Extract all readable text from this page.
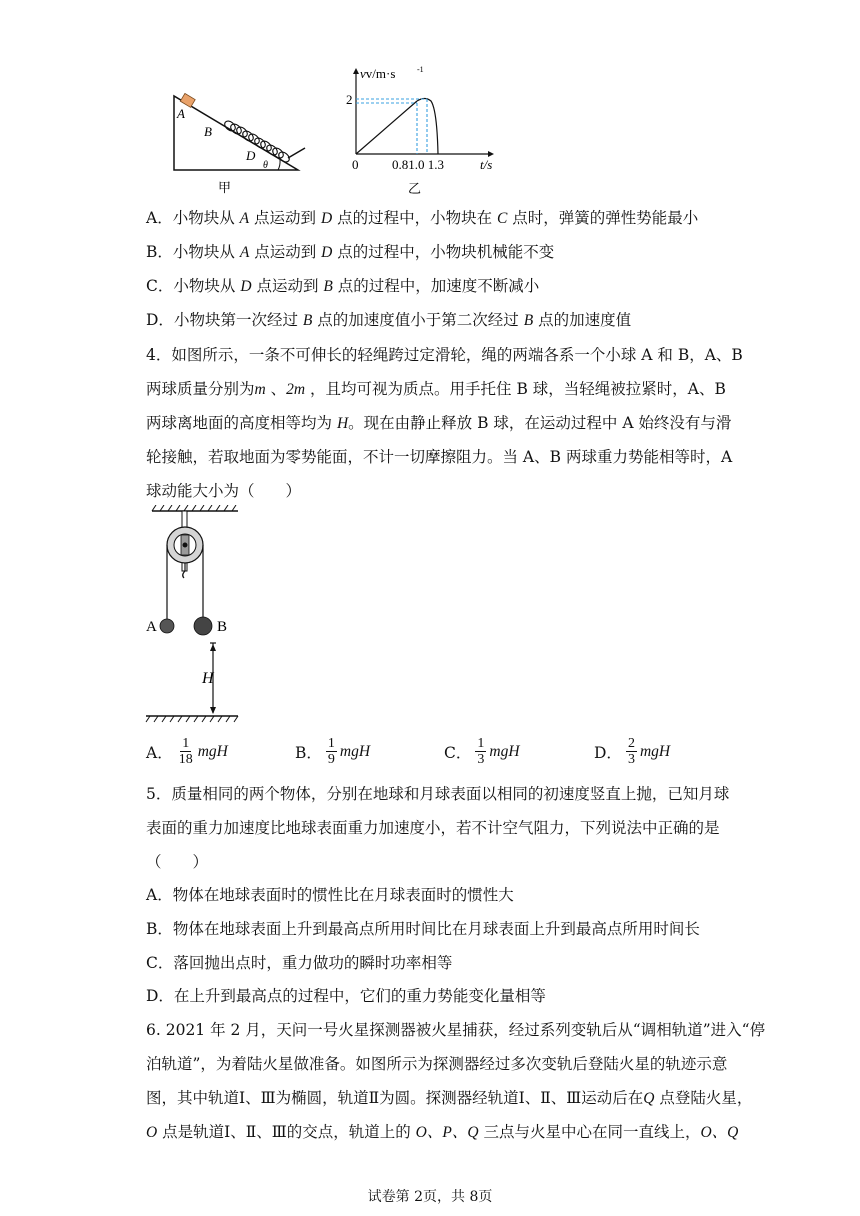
A
B
D
θ
甲
vv/m·s	-1
2
0	0.81.0 1.3	t/s
乙
A．小物块从 A 点运动到 D 点的过程中，小物块在 C 点时，弹簧的弹性势能最小
B．小物块从 A 点运动到 D 点的过程中，小物块机械能不变
C．小物块从 D 点运动到 B 点的过程中，加速度不断减小
D．小物块第一次经过 B 点的加速度值小于第二次经过 B 点的加速度值
4．如图所示，一条不可伸长的轻绳跨过定滑轮，绳的两端各系一个小球 A 和 B，A、B
两球质量分别为m 、2m ，且均可视为质点。用手托住 B 球，当轻绳被拉紧时，A、B
两球离地面的高度相等均为 H。现在由静止释放 B 球，在运动过程中 A 始终没有与滑
轮接触，若取地面为零势能面，不计一切摩擦阻力。当 A、B 两球重力势能相等时，A
球动能大小为（　　）
A	B
H
A． $\frac{1}{18}$ mgH	B． $\frac{1}{9}$ mgH	C． $\frac{1}{3}$ mgH	D． $\frac{2}{3}$ mgH
5．质量相同的两个物体，分别在地球和月球表面以相同的初速度竖直上抛，已知月球
表面的重力加速度比地球表面重力加速度小，若不计空气阻力，下列说法中正确的是
（　　）
A．物体在地球表面时的惯性比在月球表面时的惯性大
B．物体在地球表面上升到最高点所用时间比在月球表面上升到最高点所用时间长
C．落回抛出点时，重力做功的瞬时功率相等
D．在上升到最高点的过程中，它们的重力势能变化量相等
6. 2021 年 2 月，天问一号火星探测器被火星捕获，经过系列变轨后从“调相轨道”进入“停
泊轨道”，为着陆火星做准备。如图所示为探测器经过多次变轨后登陆火星的轨迹示意
图，其中轨道Ⅰ、Ⅲ为椭圆，轨道Ⅱ为圆。探测器经轨道Ⅰ、Ⅱ、Ⅲ运动后在Q 点登陆火星，
O 点是轨道Ⅰ、Ⅱ、Ⅲ的交点，轨道上的 O、P、Q 三点与火星中心在同一直线上，O、Q
试卷第 2页，共 8页
